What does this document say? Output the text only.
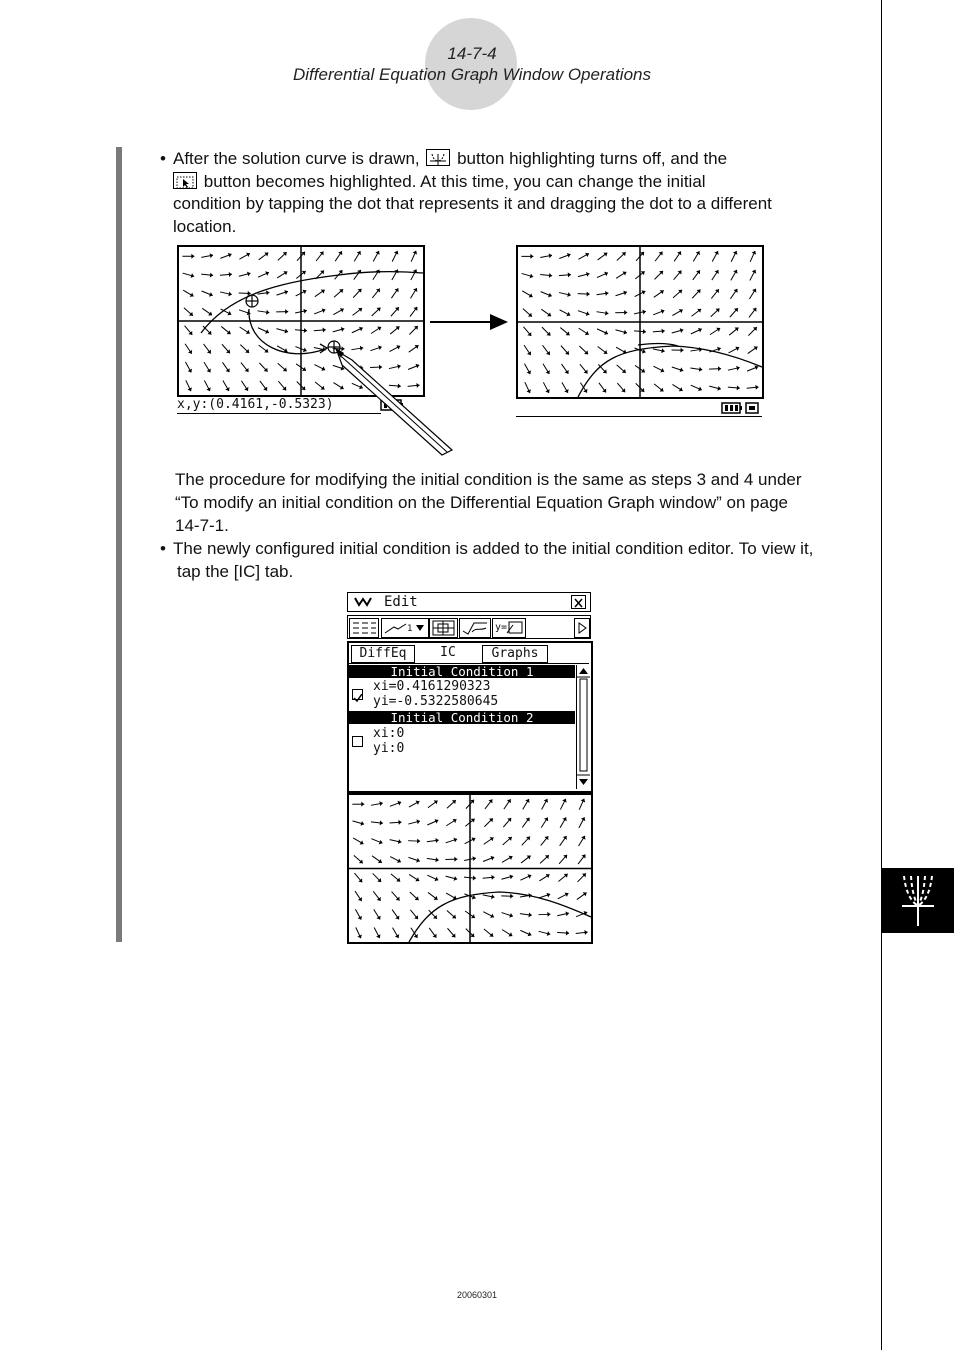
14-7-4
Differential Equation Graph Window Operations
• After the solution curve is drawn, button highlighting turns off, and the
button becomes highlighted. At this time, you can change the initial
condition by tapping the dot that represents it and dragging the dot to a different
location.
x,y:(0.4161,-0.5323)
The procedure for modifying the initial condition is the same as steps 3 and 4 under
“To modify an initial condition on the Differential Equation Graph window” on page
14-7-1.
• The newly configured initial condition is added to the initial condition editor. To view it,
tap the [IC] tab.
Edit
1	y=
DiffEq	IC	Graphs
Initial Condition 1
xi=0.4161290323
yi=-0.5322580645
Initial Condition 2
xi:0
yi:0
20060301
